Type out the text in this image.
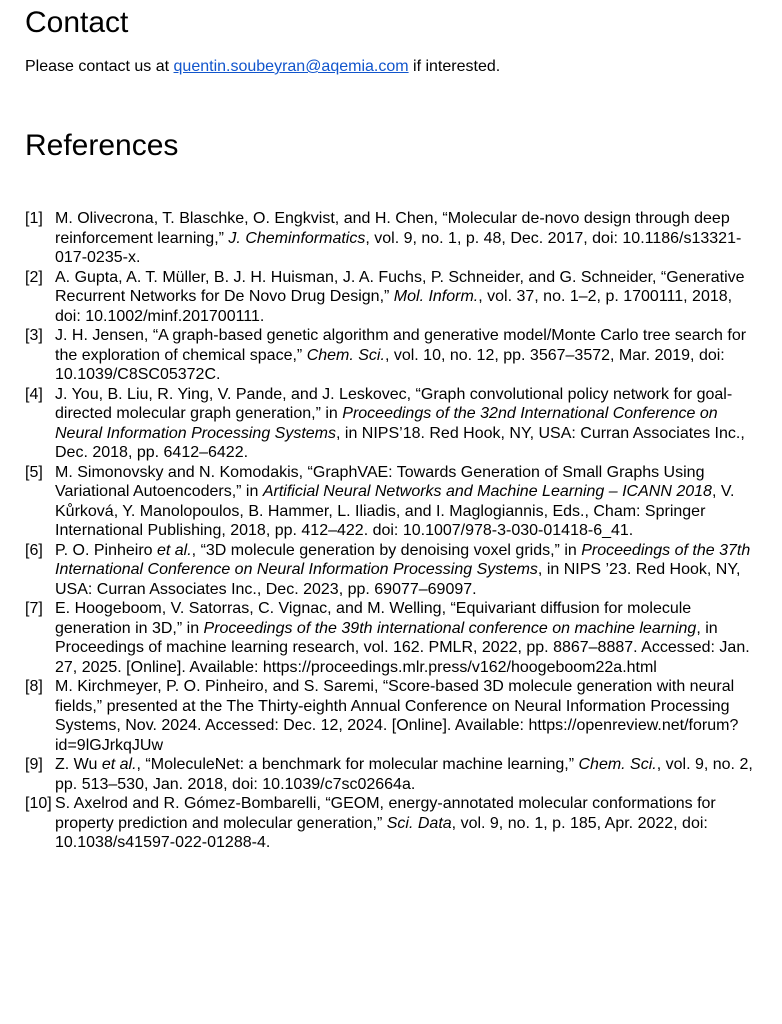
Contact

Please contact us at quentin.soubeyran@aqemia.com if interested.

References
[1] M. Olivecrona, T. Blaschke, O. Engkvist, and H. Chen, “Molecular de-novo design through deep reinforcement learning,” J. Cheminformatics, vol. 9, no. 1, p. 48, Dec. 2017, doi: 10.1186/s13321-017-0235-x.
[2] A. Gupta, A. T. Müller, B. J. H. Huisman, J. A. Fuchs, P. Schneider, and G. Schneider, “Generative Recurrent Networks for De Novo Drug Design,” Mol. Inform., vol. 37, no. 1–2, p. 1700111, 2018, doi: 10.1002/minf.201700111.
[3] J. H. Jensen, “A graph-based genetic algorithm and generative model/Monte Carlo tree search for the exploration of chemical space,” Chem. Sci., vol. 10, no. 12, pp. 3567–3572, Mar. 2019, doi: 10.1039/C8SC05372C.
[4] J. You, B. Liu, R. Ying, V. Pande, and J. Leskovec, “Graph convolutional policy network for goal-directed molecular graph generation,” in Proceedings of the 32nd International Conference on Neural Information Processing Systems, in NIPS’18. Red Hook, NY, USA: Curran Associates Inc., Dec. 2018, pp. 6412–6422.
[5] M. Simonovsky and N. Komodakis, “GraphVAE: Towards Generation of Small Graphs Using Variational Autoencoders,” in Artificial Neural Networks and Machine Learning – ICANN 2018, V. Kůrková, Y. Manolopoulos, B. Hammer, L. Iliadis, and I. Maglogiannis, Eds., Cham: Springer International Publishing, 2018, pp. 412–422. doi: 10.1007/978-3-030-01418-6_41.
[6] P. O. Pinheiro et al., “3D molecule generation by denoising voxel grids,” in Proceedings of the 37th International Conference on Neural Information Processing Systems, in NIPS ’23. Red Hook, NY, USA: Curran Associates Inc., Dec. 2023, pp. 69077–69097.
[7] E. Hoogeboom, V. Satorras, C. Vignac, and M. Welling, “Equivariant diffusion for molecule generation in 3D,” in Proceedings of the 39th international conference on machine learning, in Proceedings of machine learning research, vol. 162. PMLR, 2022, pp. 8867–8887. Accessed: Jan. 27, 2025. [Online]. Available: https://proceedings.mlr.press/v162/hoogeboom22a.html
[8] M. Kirchmeyer, P. O. Pinheiro, and S. Saremi, “Score-based 3D molecule generation with neural fields,” presented at the The Thirty-eighth Annual Conference on Neural Information Processing Systems, Nov. 2024. Accessed: Dec. 12, 2024. [Online]. Available: https://openreview.net/forum?id=9lGJrkqJUw
[9] Z. Wu et al., “MoleculeNet: a benchmark for molecular machine learning,” Chem. Sci., vol. 9, no. 2, pp. 513–530, Jan. 2018, doi: 10.1039/c7sc02664a.
[10] S. Axelrod and R. Gómez-Bombarelli, “GEOM, energy-annotated molecular conformations for property prediction and molecular generation,” Sci. Data, vol. 9, no. 1, p. 185, Apr. 2022, doi: 10.1038/s41597-022-01288-4.
